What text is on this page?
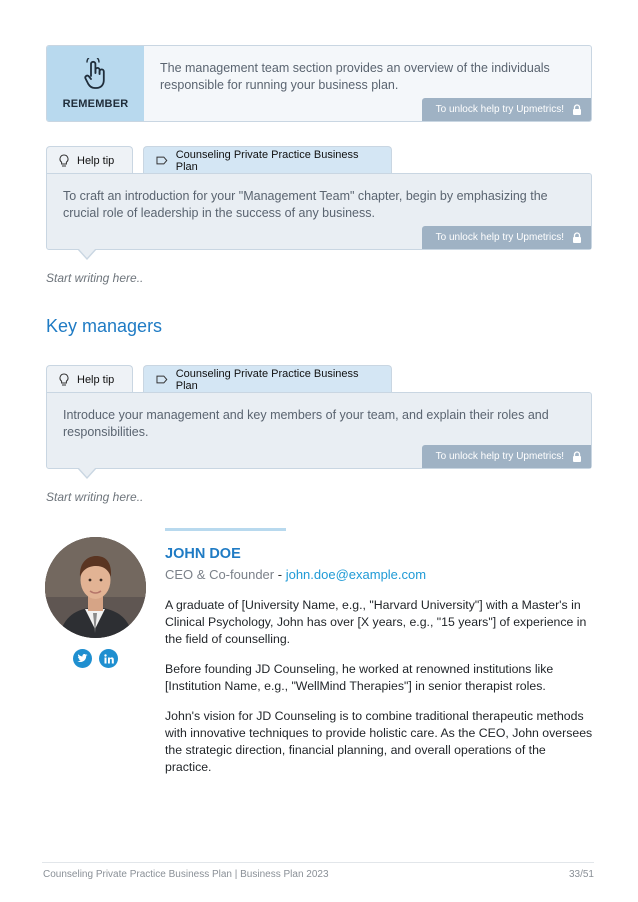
REMEMBER
The management team section provides an overview of the individuals responsible for running your business plan.
To unlock help try Upmetrics!
Help tip	Counseling Private Practice Business Plan
To craft an introduction for your "Management Team" chapter, begin by emphasizing the crucial role of leadership in the success of any business.
To unlock help try Upmetrics!
Start writing here..
Key managers
Help tip	Counseling Private Practice Business Plan
Introduce your management and key members of your team, and explain their roles and responsibilities.
To unlock help try Upmetrics!
Start writing here..
JOHN DOE
CEO & Co-founder - john.doe@example.com
A graduate of [University Name, e.g., "Harvard University"] with a Master's in Clinical Psychology, John has over [X years, e.g., "15 years"] of experience in the field of counselling.
Before founding JD Counseling, he worked at renowned institutions like [Institution Name, e.g., "WellMind Therapies"] in senior therapist roles.
John's vision for JD Counseling is to combine traditional therapeutic methods with innovative techniques to provide holistic care. As the CEO, John oversees the strategic direction, financial planning, and overall operations of the practice.
Counseling Private Practice Business Plan | Business Plan 2023	33/51
